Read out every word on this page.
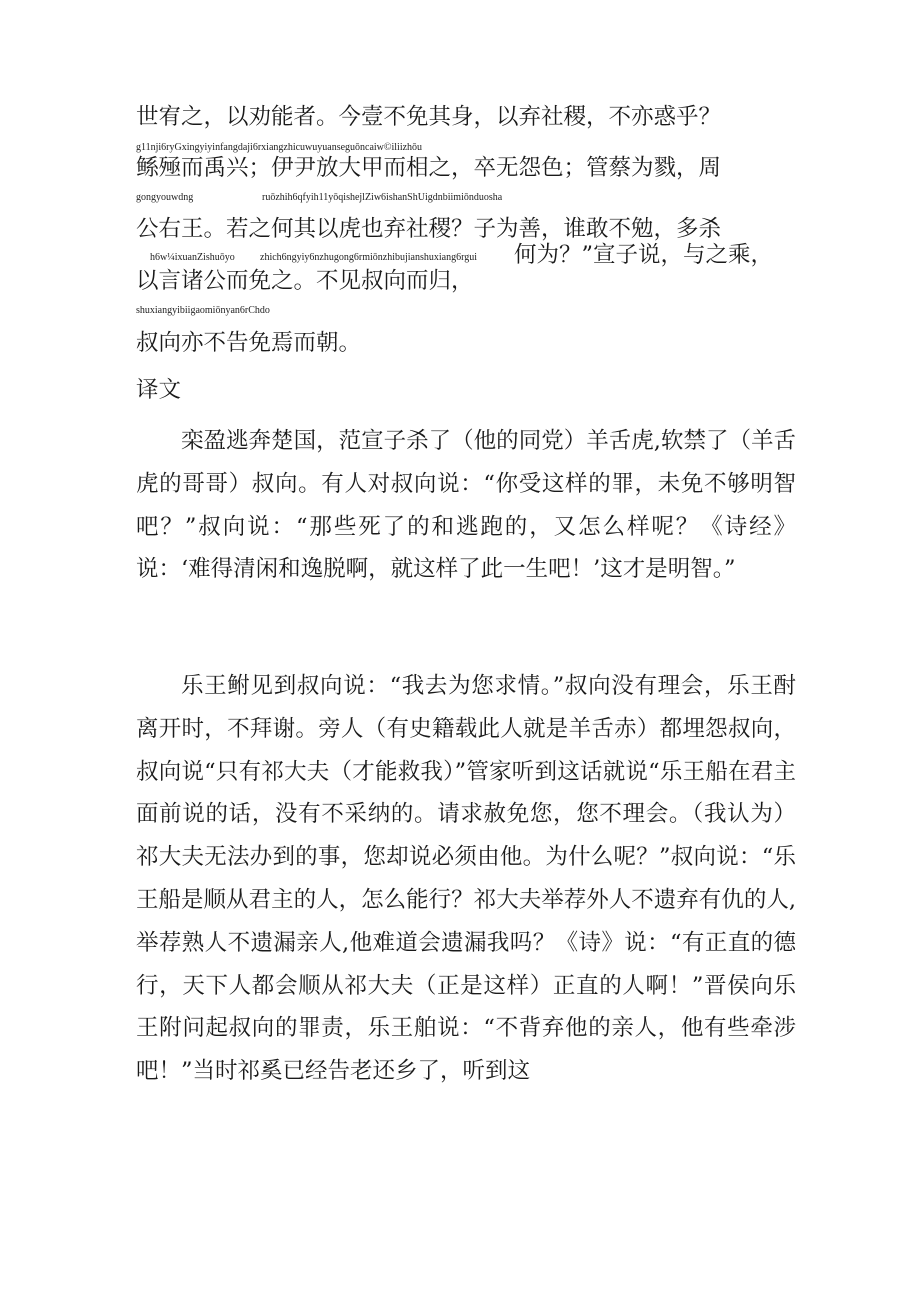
世宥之，以劝能者。今壹不免其身，以弃社稷，不亦惑乎？
g11nji6ryGxingyiyinfangdaji6rxiangzhicuwuyuanseguōncaiw©iliizhōu
鲧殛而禹兴；伊尹放大甲而相之，卒无怨色；管蔡为戮，周
gongyouwdng	ruōzhih6qfyih11yōqishejlZiw6ishanShUigdnbiimiōnduosha
公右王。若之何其以虎也弃社稷？子为善，谁敢不勉，多杀
h6w¼ixuanZishuōyo	zhich6ngyiy6nzhugong6rmiōnzhibujianshuxiang6rgui 何为？”宣子说，与之乘，
以言诸公而免之。不见叔向而归，
shuxiangyibiigaomiōnyan6rChdo
叔向亦不告免焉而朝。
译文

栾盈逃奔楚国，范宣子杀了（他的同党）羊舌虎,软禁了（羊舌虎的哥哥）叔向。有人对叔向说：“你受这样的罪，未免不够明智吧？”叔向说：“那些死了的和逃跑的，又怎么样呢？《诗经》说：‘难得清闲和逸脱啊，就这样了此一生吧！’这才是明智。”

乐王鲋见到叔向说：“我去为您求情。”叔向没有理会，乐王酎离开时，不拜谢。旁人（有史籍载此人就是羊舌赤）都埋怨叔向，叔向说“只有祁大夫（才能救我）”管家听到这话就说“乐王船在君主面前说的话，没有不采纳的。请求赦免您，您不理会。（我认为）祁大夫无法办到的事，您却说必须由他。为什么呢？”叔向说：“乐王船是顺从君主的人，怎么能行？祁大夫举荐外人不遗弃有仇的人,举荐熟人不遗漏亲人,他难道会遗漏我吗？《诗》说：“有正直的德行，天下人都会顺从祁大夫（正是这样）正直的人啊！”晋侯向乐王附问起叔向的罪责，乐王舶说：“不背弃他的亲人，他有些牵涉吧！”当时祁奚已经告老还乡了，听到这
